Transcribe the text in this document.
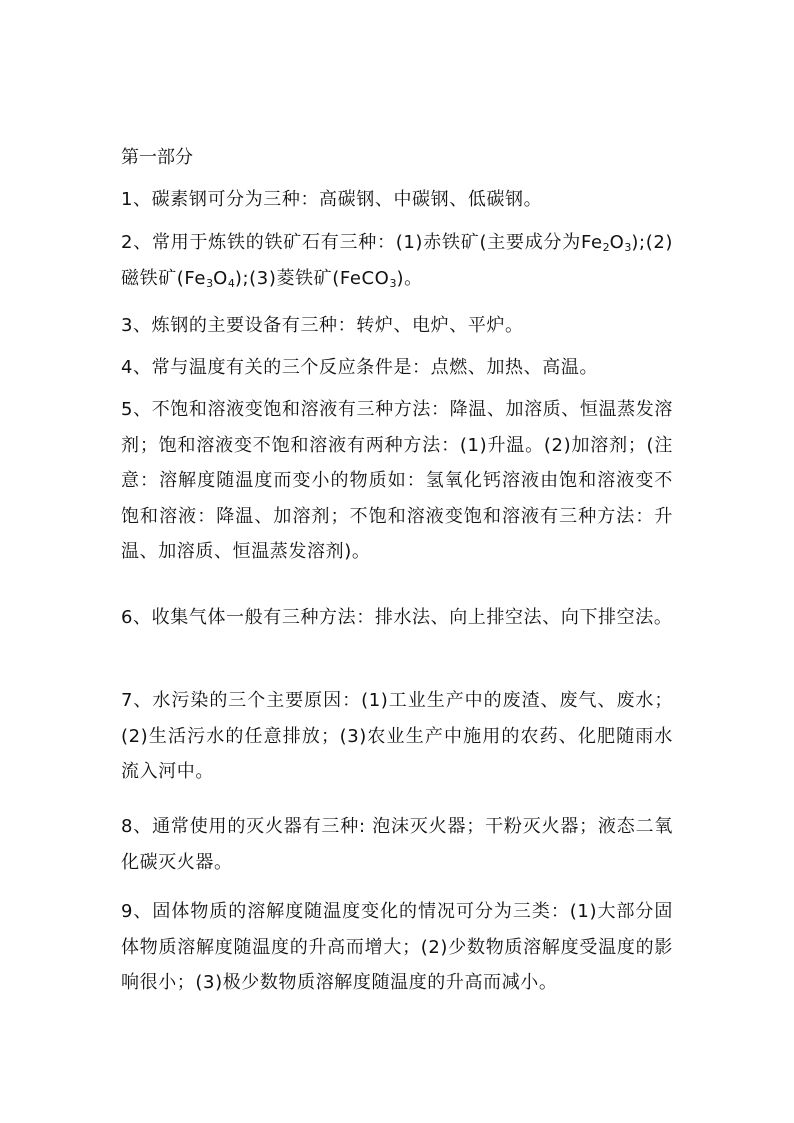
第一部分

1、碳素钢可分为三种：高碳钢、中碳钢、低碳钢。

2、常用于炼铁的铁矿石有三种：(1)赤铁矿(主要成分为$Fe_2O_3);(2)$磁铁矿$(Fe_3O_4);(3)$菱铁矿(FeCO$_3$)。

3、炼钢的主要设备有三种：转炉、电炉、平炉。

4、常与温度有关的三个反应条件是：点燃、加热、高温。

5、不饱和溶液变饱和溶液有三种方法：降温、加溶质、恒温蒸发溶剂；饱和溶液变不饱和溶液有两种方法：(1)升温。(2)加溶剂；(注意：溶解度随温度而变小的物质如：氢氧化钙溶液由饱和溶液变不饱和溶液：降温、加溶剂；不饱和溶液变饱和溶液有三种方法：升温、加溶质、恒温蒸发溶剂)。

6、收集气体一般有三种方法：排水法、向上排空法、向下排空法。

7、水污染的三个主要原因：(1)工业生产中的废渣、废气、废水；(2)生活污水的任意排放；(3)农业生产中施用的农药、化肥随雨水流入河中。

8、通常使用的灭火器有三种: 泡沫灭火器；干粉灭火器；液态二氧化碳灭火器。

9、固体物质的溶解度随温度变化的情况可分为三类：(1)大部分固体物质溶解度随温度的升高而增大；(2)少数物质溶解度受温度的影响很小；(3)极少数物质溶解度随温度的升高而减小。
